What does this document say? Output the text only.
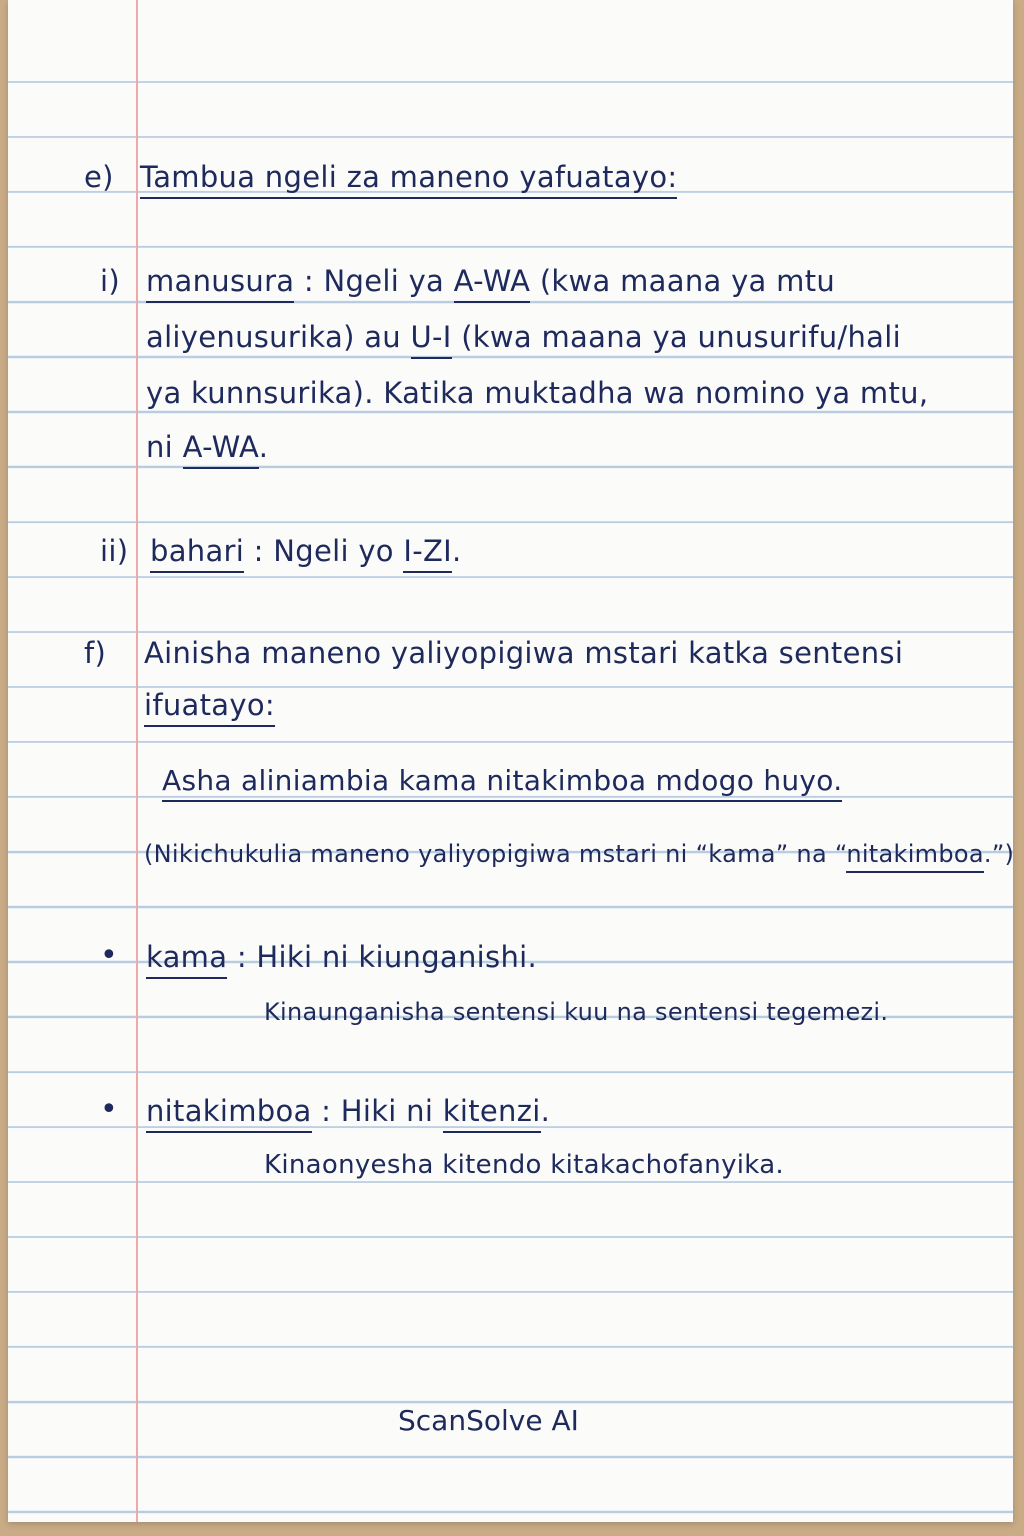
e) Tambua ngeli za maneno yafuatayo:
i) manusura : Ngeli ya A-WA (kwa maana ya mtu
aliyenusurika) au U-I (kwa maana ya unusurifu/hali
ya kunnsurika). Katika muktadha wa nomino ya mtu,
ni A-WA.
ii) bahari : Ngeli yo I-ZI.
f) Ainisha maneno yaliyopigiwa mstari katka sentensi
ifuatayo:
Asha aliniambia kama nitakimboa mdogo huyo.
(Nikichukulia maneno yaliyopigiwa mstari ni “kama” na “nitakimboa.”)
• kama : Hiki ni kiunganishi.
Kinaunganisha sentensi kuu na sentensi tegemezi.
• nitakimboa : Hiki ni kitenzi.
Kinaonyesha kitendo kitakachofanyika.
ScanSolve AI
